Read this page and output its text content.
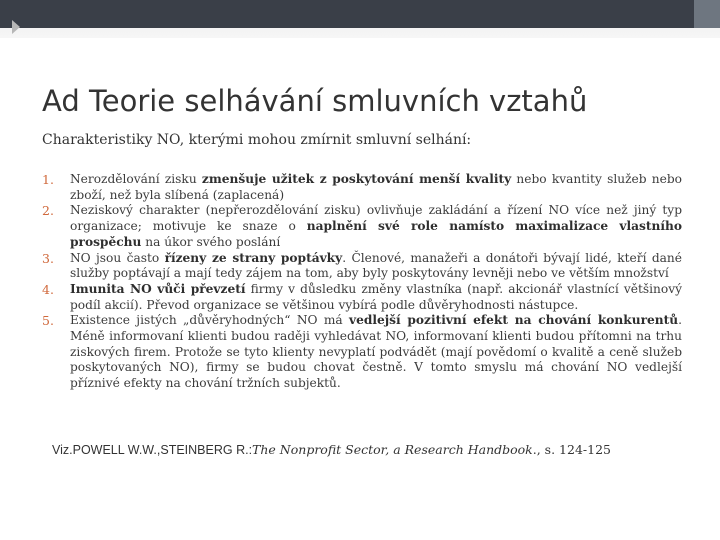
Ad Teorie selhávání smluvních vztahů

Charakteristiky NO, kterými mohou zmírnit smluvní selhání:

1. Nerozdělování zisku zmenšuje užitek z poskytování menší kvality nebo kvantity služeb nebo zboží, než byla slíbená (zaplacená)
2. Neziskový charakter (nepřerozdělování zisku) ovlivňuje zakládání a řízení NO více než jiný typ organizace; motivuje ke snaze o naplnění své role namísto maximalizace vlastního prospěchu na úkor svého poslání
3. NO jsou často řízeny ze strany poptávky. Členové, manažeři a donátoři bývají lidé, kteří dané služby poptávají a mají tedy zájem na tom, aby byly poskytovány levněji nebo ve větším množství
4. Imunita NO vůči převzetí firmy v důsledku změny vlastníka (např. akcionář vlastnící většinový podíl akcií). Převod organizace se většinou vybírá podle důvěryhodnosti nástupce.
5. Existence jistých „důvěryhodných“ NO má vedlejší pozitivní efekt na chování konkurentů. Méně informovaní klienti budou raději vyhledávat NO, informovaní klienti budou přítomni na trhu ziskových firem. Protože se tyto klienty nevyplatí podvádět (mají povědomí o kvalitě a ceně služeb poskytovaných NO), firmy se budou chovat čestně. V tomto smyslu má chování NO vedlejší příznivé efekty na chování tržních subjektů.
Viz.POWELL W.W.,STEINBERG R.:The Nonprofit Sector, a Research Handbook., s. 124-125
